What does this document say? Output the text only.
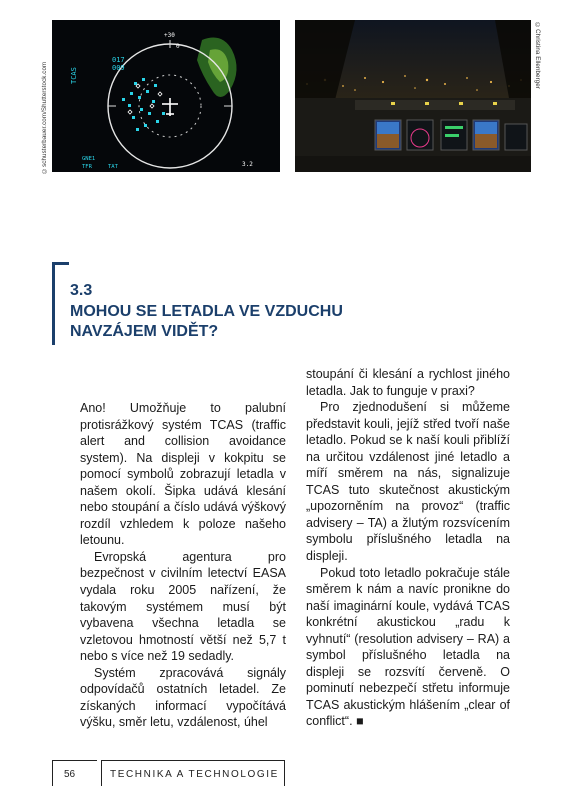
+30
0
017
009
TCAS
GNE1
TFR	TAT	3.2
©schusterbauer.com/Shutterstock.com
©Christina Ellenberger
3.3
MOHOU SE LETADLA VE VZDUCHU NAVZÁJEM VIDĚT?

Ano! Umožňuje to palubní protisrážkový systém TCAS (traffic alert and collision avoidance system). Na displeji v kokpitu se pomocí symbolů zobrazují letadla v našem okolí. Šipka udává klesání nebo stoupání a číslo udává výškový rozdíl vzhledem k poloze našeho letounu.

Evropská agentura pro bezpečnost v civilním letectví EASA vydala roku 2005 nařízení, že takovým systémem musí být vybavena všechna letadla se vzletovou hmotností větší než 5,7 t nebo s více než 19 sedadly.

Systém zpracovává signály odpovídačů ostatních letadel. Ze získaných informací vypočítává výšku, směr letu, vzdálenost, úhel

stoupání či klesání a rychlost jiného letadla. Jak to funguje v praxi?

Pro zjednodušení si můžeme představit kouli, jejíž střed tvoří naše letadlo. Pokud se k naší kouli přiblíží na určitou vzdálenost jiné letadlo a míří směrem na nás, signalizuje TCAS tuto skutečnost akustickým „upozorněním na provoz“ (traffic advisery – TA) a žlutým rozsvícením symbolu příslušného letadla na displeji.

Pokud toto letadlo pokračuje stále směrem k nám a navíc pronikne do naší imaginární koule, vydává TCAS konkrétní akustickou „radu k vyhnutí“ (resolution advisery – RA) a symbol příslušného letadla na displeji se rozsvítí červeně. O pominutí nebezpečí střetu informuje TCAS akustickým hlášením „clear of conflict“. ■

56	TECHNIKA A TECHNOLOGIE
